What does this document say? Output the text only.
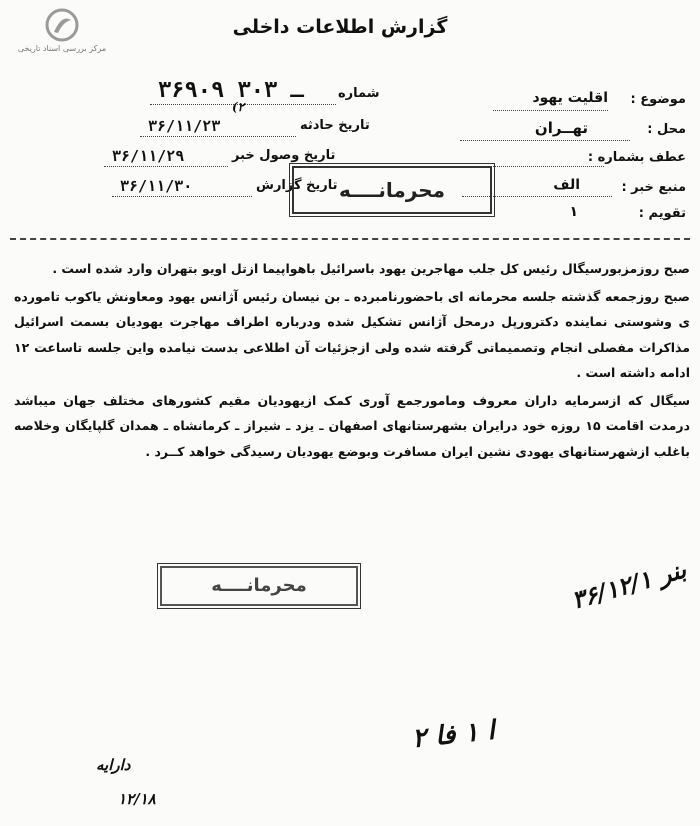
مرکز بررسی اسناد تاریخی
گزارش اطلاعات داخلی
موضوع :
اقلیت یهود
محل :
تهــران
عطف بشماره :
منبع خبر :
الف
تقویم :
۱
شماره
۳۶۹۰۹ ـ ۳۰۳
تاریخ حادثه
(۲
۳۶/۱۱/۲۳
تاریخ وصول خبر
۳۶/۱۱/۲۹
تاریخ گزارش
۳۶/۱۱/۳۰	محرمانــــه

صبح روزمزبورسیگال رئیس کل جلب مهاجرین یهود باسرائیل باهواپیما ازتل اویو بتهران وارد شده است .

صبح روزجمعه گذشته جلسه محرمانه ای باحضورنامبرده ـ بن نیسان رئیس آژانس یهود ومعاونش یاکوب تامورده ی وشوستی نماینده دکترورپل درمحل آژانس تشکیل شده ودرباره اطراف مهاجرت یهودیان بسمت اسرائیل مذاکرات مفصلی انجام وتصمیماتی گرفته شده ولی ازجزئیات آن اطلاعی بدست نیامده واین جلسه تاساعت ۱۲ ادامه داشته است .

سیگال که ازسرمایه داران معروف ومامورجمع آوری کمک ازیهودیان مقیم کشورهای مختلف جهان میباشد درمدت اقامت ۱۵ روزه خود درایران بشهرستانهای اصفهان ـ یزد ـ شیراز ـ کرمانشاه ـ همدان گلپایگان وخلاصه باغلب ازشهرستانهای یهودی نشین ایران مسافرت وبوضع یهودیان رسیدگی خواهد کــرد .

محرمانــــه	بنر ۳۶/۱۲/۱
ا ۱ فا ۲
دارایه
۱۲/۱۸
